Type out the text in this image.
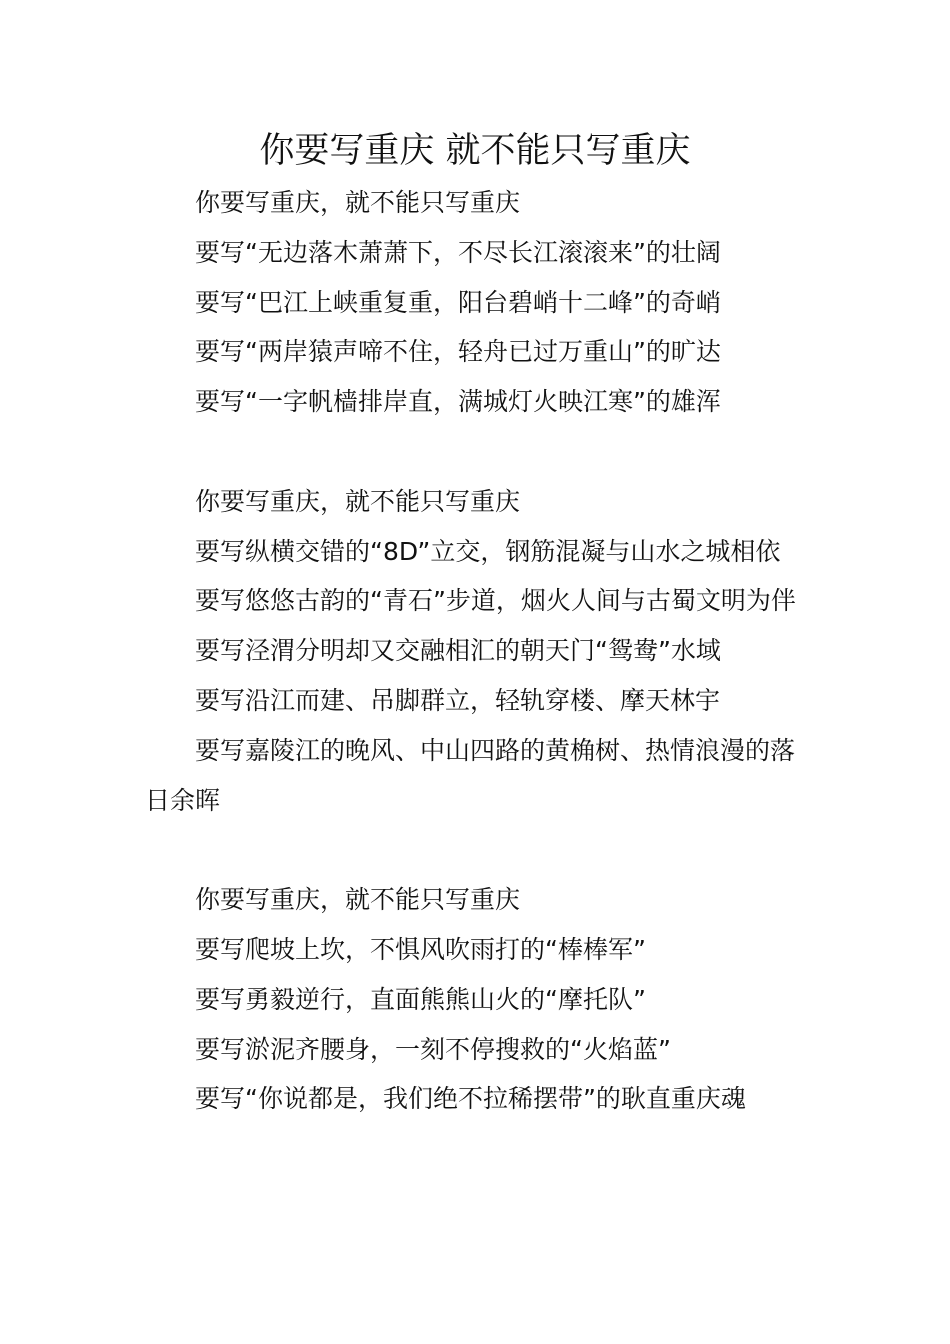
你要写重庆 就不能只写重庆

你要写重庆，就不能只写重庆

要写“无边落木萧萧下，不尽长江滚滚来”的壮阔

要写“巴江上峡重复重，阳台碧峭十二峰”的奇峭

要写“两岸猿声啼不住，轻舟已过万重山”的旷达

要写“一字帆樯排岸直，满城灯火映江寒”的雄浑

你要写重庆，就不能只写重庆

要写纵横交错的“8D”立交，钢筋混凝与山水之城相依

要写悠悠古韵的“青石”步道，烟火人间与古蜀文明为伴

要写泾渭分明却又交融相汇的朝天门“鸳鸯”水域

要写沿江而建、吊脚群立，轻轨穿楼、摩天林宇

要写嘉陵江的晚风、中山四路的黄桷树、热情浪漫的落日余晖

你要写重庆，就不能只写重庆

要写爬坡上坎，不惧风吹雨打的“棒棒军”

要写勇毅逆行，直面熊熊山火的“摩托队”

要写淤泥齐腰身，一刻不停搜救的“火焰蓝”

要写“你说都是，我们绝不拉稀摆带”的耿直重庆魂
